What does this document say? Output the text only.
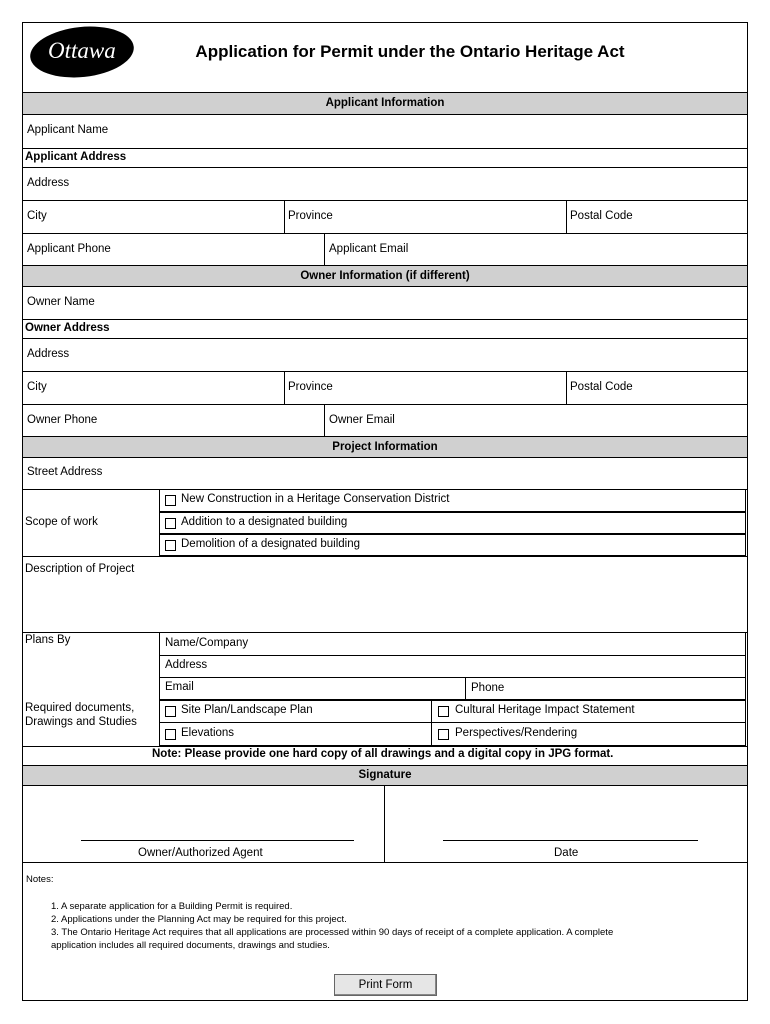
Ottawa	Application for Permit under the Ontario Heritage Act
Applicant Information
Applicant Name
Applicant Address
Address
City	Province	Postal Code
Applicant Phone	Applicant Email
Owner Information (if different)
Owner Name
Owner Address
Address
City	Province	Postal Code
Owner Phone	Owner Email
Project Information
Street Address
Scope of work
New Construction in a Heritage Conservation District
Addition to a designated building
Demolition of a designated building
Description of Project
Plans By	Name/Company
Address
Email	Phone
Required documents,
Drawings and Studies
Site Plan/Landscape Plan	Cultural Heritage Impact Statement
Elevations	Perspectives/Rendering
Note: Please provide one hard copy of all drawings and a digital copy in JPG format.
Signature
Owner/Authorized Agent	Date
Notes:
1. A separate application for a Building Permit is required.
2. Applications under the Planning Act may be required for this project.
3. The Ontario Heritage Act requires that all applications are processed within 90 days of receipt of a complete application. A complete
application includes all required documents, drawings and studies.
Print Form
